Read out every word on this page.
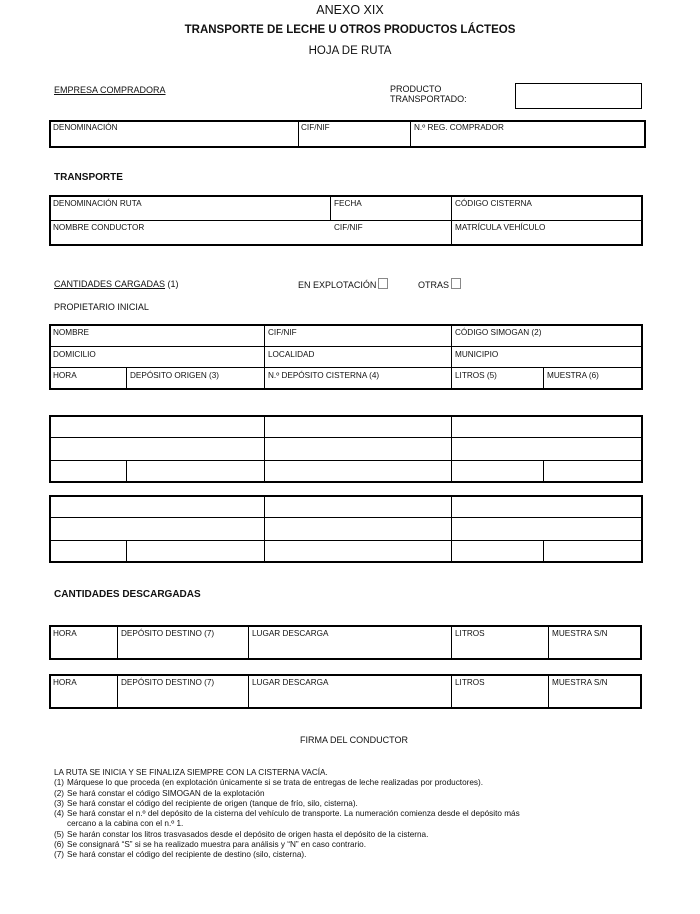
ANEXO XIX
TRANSPORTE DE LECHE U OTROS PRODUCTOS LÁCTEOS
HOJA DE RUTA
EMPRESA COMPRADORA	PRODUCTO
TRANSPORTADO:
DENOMINACIÓN	CIF/NIF	N.º REG. COMPRADOR
TRANSPORTE
DENOMINACIÓN RUTA	FECHA	CÓDIGO CISTERNA
NOMBRE CONDUCTOR	CIF/NIF	MATRÍCULA VEHÍCULO
CANTIDADES CARGADAS (1)	EN EXPLOTACIÓN	OTRAS
PROPIETARIO INICIAL
NOMBRE	CIF/NIF	CÓDIGO SIMOGAN (2)
DOMICILIO	LOCALIDAD	MUNICIPIO
HORA	DEPÓSITO ORIGEN (3)	N.º DEPÓSITO CISTERNA (4)	LITROS (5)	MUESTRA (6)
CANTIDADES DESCARGADAS
HORA	DEPÓSITO DESTINO (7)	LUGAR DESCARGA	LITROS	MUESTRA S/N
HORA	DEPÓSITO DESTINO (7)	LUGAR DESCARGA	LITROS	MUESTRA S/N
FIRMA DEL CONDUCTOR
LA RUTA SE INICIA Y SE FINALIZA SIEMPRE CON LA CISTERNA VACÍA.
(1) Márquese lo que proceda (en explotación únicamente si se trata de entregas de leche realizadas por productores).
(2) Se hará constar el código SIMOGAN de la explotación
(3) Se hará constar el código del recipiente de origen (tanque de frío, silo, cisterna).
(4) Se hará constar el n.º del depósito de la cisterna del vehículo de transporte. La numeración comienza desde el depósito más
cercano a la cabina con el n.º 1.
(5) Se harán constar los litros trasvasados desde el depósito de origen hasta el depósito de la cisterna.
(6) Se consignará “S” si se ha realizado muestra para análisis y “N” en caso contrario.
(7) Se hará constar el código del recipiente de destino (silo, cisterna).
